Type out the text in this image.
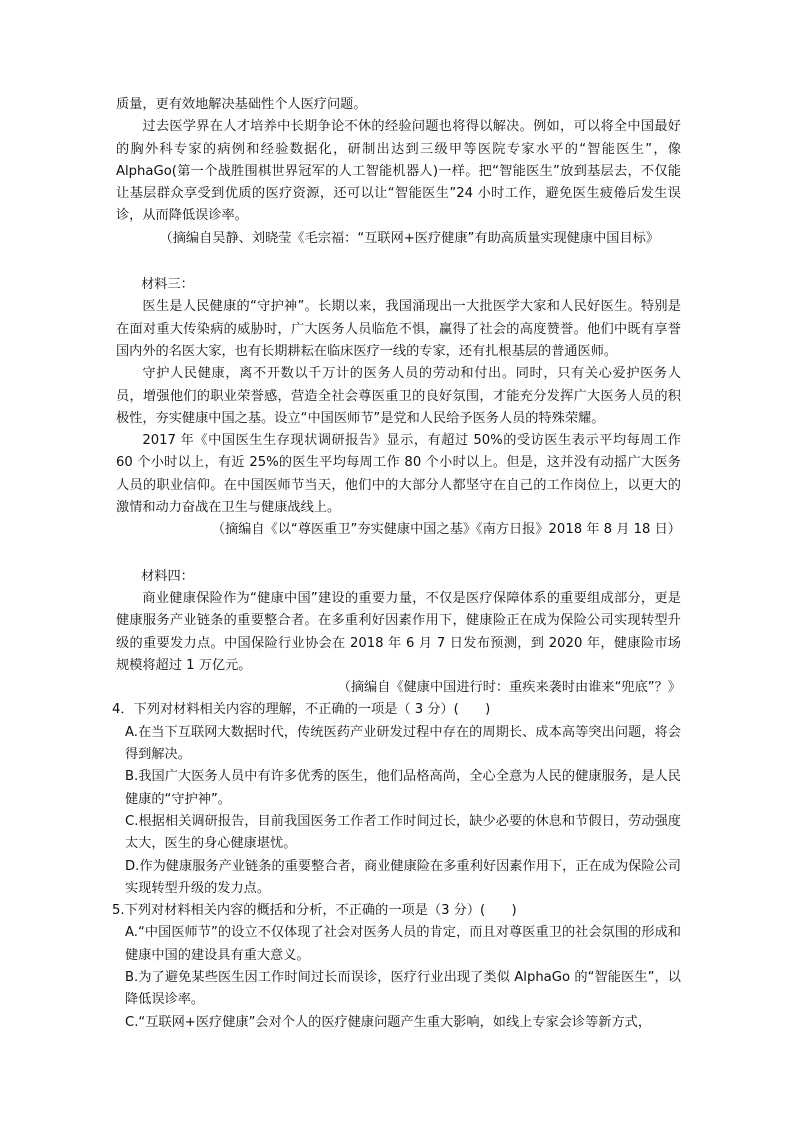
质量，更有效地解决基础性个人医疗问题。

过去医学界在人才培养中长期争论不休的经验问题也将得以解决。例如，可以将全中国最好的胸外科专家的病例和经验数据化，研制出达到三级甲等医院专家水平的“智能医生”，像 AlphaGo(第一个战胜围棋世界冠军的人工智能机器人)一样。把“智能医生”放到基层去，不仅能让基层群众享受到优质的医疗资源，还可以让“智能医生”24 小时工作，避免医生疲倦后发生误诊，从而降低误诊率。

（摘编自吴静、刘晓莹《毛宗福：“互联网+医疗健康”有助高质量实现健康中国目标》

材料三：

医生是人民健康的“守护神”。长期以来，我国涌现出一大批医学大家和人民好医生。特别是在面对重大传染病的威胁时，广大医务人员临危不惧，赢得了社会的高度赞誉。他们中既有享誉国内外的名医大家，也有长期耕耘在临床医疗一线的专家，还有扎根基层的普通医师。

守护人民健康，离不开数以千万计的医务人员的劳动和付出。同时，只有关心爱护医务人员，增强他们的职业荣誉感，营造全社会尊医重卫的良好氛围，才能充分发挥广大医务人员的积极性，夯实健康中国之基。设立“中国医师节”是党和人民给予医务人员的特殊荣耀。

2017 年《中国医生生存现状调研报告》显示，有超过 50%的受访医生表示平均每周工作 60 个小时以上，有近 25%的医生平均每周工作 80 个小时以上。但是，这并没有动摇广大医务人员的职业信仰。在中国医师节当天，他们中的大部分人都坚守在自己的工作岗位上，以更大的激情和动力奋战在卫生与健康战线上。

（摘编自《以“尊医重卫”夯实健康中国之基》《南方日报》2018 年 8 月 18 日）

材料四：

商业健康保险作为“健康中国”建设的重要力量，不仅是医疗保障体系的重要组成部分，更是健康服务产业链条的重要整合者。在多重利好因素作用下，健康险正在成为保险公司实现转型升级的重要发力点。中国保险行业协会在 2018 年 6 月 7 日发布预测，到 2020 年，健康险市场规模将超过 1 万亿元。

（摘编自《健康中国进行时：重疾来袭时由谁来“兜底”？》

4．下列对材料相关内容的理解，不正确的一项是（ 3 分）(　　)

A.在当下互联网大数据时代，传统医药产业研发过程中存在的周期长、成本高等突出问题，将会得到解决。

B.我国广大医务人员中有许多优秀的医生，他们品格高尚，全心全意为人民的健康服务，是人民健康的“守护神”。

C.根据相关调研报告，目前我国医务工作者工作时间过长，缺少必要的休息和节假日，劳动强度太大，医生的身心健康堪忧。

D.作为健康服务产业链条的重要整合者，商业健康险在多重利好因素作用下，正在成为保险公司实现转型升级的发力点。

5.下列对材料相关内容的概括和分析，不正确的一项是（3 分）(　　)

A.“中国医师节”的设立不仅体现了社会对医务人员的肯定，而且对尊医重卫的社会氛围的形成和健康中国的建设具有重大意义。

B.为了避免某些医生因工作时间过长而误诊，医疗行业出现了类似 AlphaGo 的“智能医生”，以降低误诊率。

C.“互联网+医疗健康”会对个人的医疗健康问题产生重大影响，如线上专家会诊等新方式，
